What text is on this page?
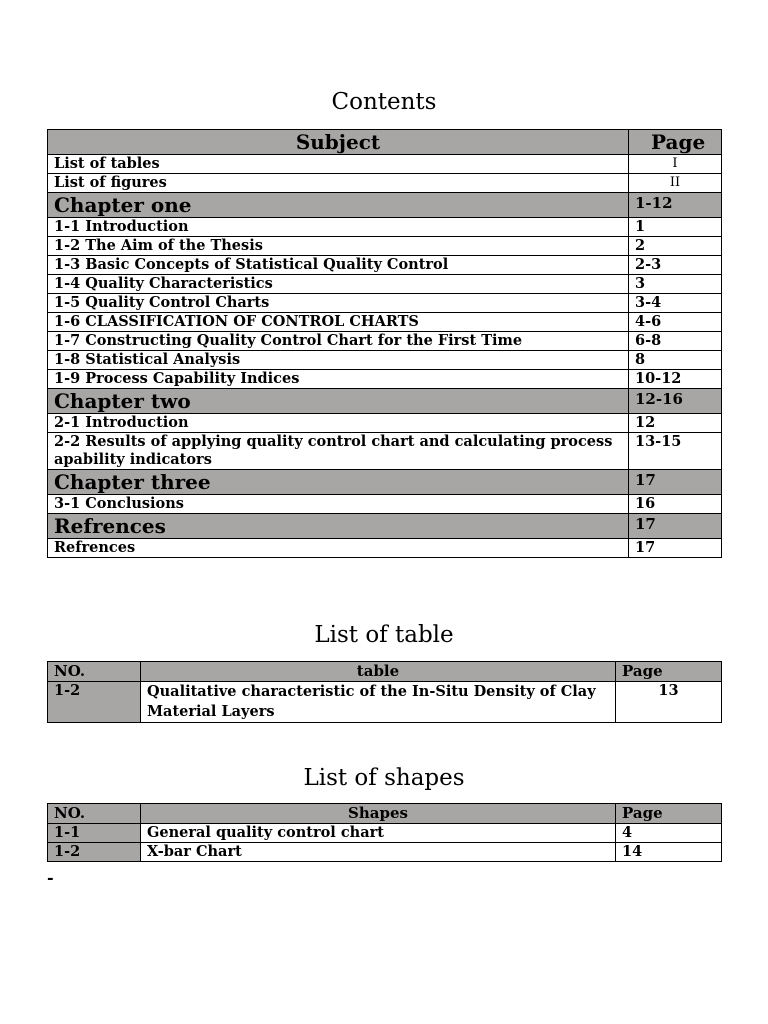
Contents
Subject	Page
List of tables	I
List of figures	II
Chapter one	1-12
1-1 Introduction	1
1-2 The Aim of the Thesis	2
1-3 Basic Concepts of Statistical Quality Control	2-3
1-4 Quality Characteristics	3
1-5 Quality Control Charts	3-4
1-6 CLASSIFICATION OF CONTROL CHARTS	4-6
1-7 Constructing Quality Control Chart for the First Time	6-8
1-8 Statistical Analysis	8
1-9 Process Capability Indices	10-12
Chapter two	12-16
2-1 Introduction	12
2-2 Results of applying quality control chart and calculating process apability indicators	13-15
Chapter three	17
3-1 Conclusions	16
Refrences	17
Refrences	17
List of table
NO.	table	Page
1-2	Qualitative characteristic of the In-Situ Density of Clay Material Layers	13
List of shapes
NO.	Shapes	Page
1-1	General quality control chart	4
1-2	X-bar Chart	14
-
